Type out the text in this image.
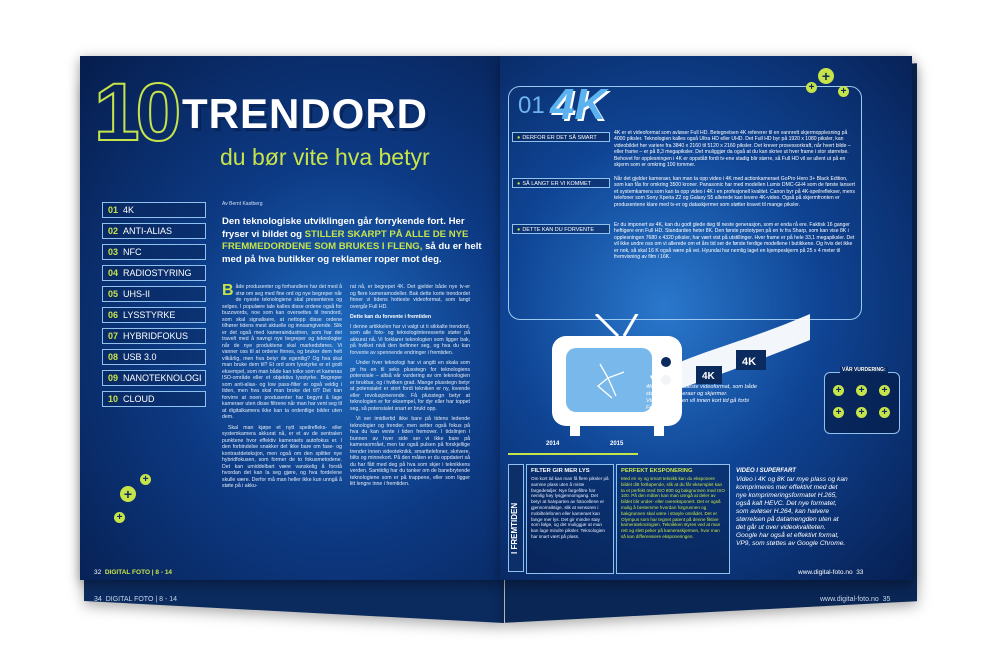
34 DIGITAL FOTO | 8 - 14	www.digital-foto.no 35
10 TRENDORD
du bør vite hva betyr
Av Bernt Kastberg
01 4K
02 ANTI-ALIAS
03 NFC
04 RADIOSTYRING
05 UHS-II
06 LYSSTYRKE
07 HYBRIDFOKUS
08 USB 3.0
09 NANOTEKNOLOGI
10 CLOUD
Den teknologiske utviklingen går forrykende fort. Her fryser vi bildet og STILLER SKARPT PÅ ALLE DE NYE FREMMEDORDENE SOM BRUKES I FLENG, så du er helt med på hva butikker og reklamer roper mot deg.
Både produsenter og forhandlere har det med å strø om seg med fine ord og nye begreper når de nyeste teknologiene skal presenteres og selges. I populære tale kalles disse ordene også for buzzwords, noe som kan oversettes til trendord, som skal signalisere, at nettopp disse ordene tilhører tidens mest aktuelle og innsamgivende. Slik er det også med kameraindustrien, som har det travelt med å navngi nye begreper og teknologier når de nye produktene skal markedsføres. Vi vanner oss til at ordene finnes, og bruker dem helt vilkårlig, men hva betyr de egentlig? Og hva skal man bruke dem til? Et ord som lysstyrke er et godt eksempel, som man både kan tolke som et kameras ISO-område eller et objektivs lysstyrke. Begreper som anti-alias- og low pass-filter er også veldig i tiden, men hva skal man bruke det til? Det kan forvirre at noen produsenter har begynt å lage kameraer uten disse filtrene når man har vent seg til at digitalkamera ikke kan ta ordentlige bilder uten dem.
Skal man kjøpe et nytt speilrefleks- eller systemkamera akkurat nå, er et av de sentralen punktene hvor effektiv kameraets autofokus er. I den forbindelse snakker det ikke bare om fase- og kontrastdeteksjon, men også om den splitter nye hybridfokusen, som former de to fokusmetodene. Det kan umiddelbart være vanskelig å forstå hvordan det kan la seg gjøre, og hva fordelene skulle være. Derfor må man heller ikke kun unngå å støte på i akku-
rat nå, er begrepet 4K. Det gjelder både nye tv-er og flere kameramodeller. Bak dette korte trendordet finner vi tidens hotteste videoformat, som langt overgår Full HD.
Dette kan du forvente i fremtiden
I denne artikkelen har vi valgt ut ti sikkalte trendord, som alle foto- og teknologiinteresserte støter på akkurat nå. Vi forklarer teknologien som ligger bak, på hvilket nivå den befinner seg, og hva du kan forvente av spennende endringer i fremtiden.
Under hver teknologi har vi angitt en skala som gir fra en til seks plusstegn for teknologiens potensiale – altså vår vurdering av om teknologien er brukbar, og i hvilken grad. Mange plusstegn betyr at potensialet er stort fordi tekniken er ny, lovende eller revolusjonerende. Få plusstegn betyr at teknologien er for eksempel, for dyr eller har toppet seg, så potensialet snart er brukt opp.
Vi ser imidlertid ikke bare på tidens ledende teknologier og trender, men setter også fokus på hva du kan vente i tiden fremover. I tidslinjen i bunnen av hver side ser vi ikke bare på kameraområet, men tar også pulsen på forskjellige trender innen videoteknikk, smarttelefoner, skrivere, blits og minnekort. På den måten er du oppdatert så du har fått med deg på hva som skjer i teknikkens verden. Samtidig har du tanker om de banebrytende teknologiene som er på trappene, eller som ligger litt lengre inne i fremtiden.
+
+
+
32 DIGITAL FOTO | 8 - 14
01 4K
+
+	+
● DERFOR ER DET SÅ SMART
● SÅ LANGT ER VI KOMMET
● DETTE KAN DU FORVENTE
4K er et videoformat som avløser Full HD. Betegnelsen 4K refererer til en vannrett skjermopplesning på 4000 piksler. Teknologien kalles også Ultra HD eller UHD. Det Full HD byr på 1920 x 1080 piksler, kan videobildet her variere fra 3840 x 2160 til 5120 x 2160 piksler. Det krever prosessorkraft, når hvert bilde – eller frame – er på 8,3 megapiksler. Det muliggjør da også at du kan skrive ut hver frame i stor størrelse. Behovet for opplesningen i 4K er oppstått fordi tv-ene stadig blir større, så Full HD vil se ullent ut på en skjerm som er omkring 100 tommer.
Når det gjelder kameraer, kan man ta opp video i 4K med actionkameraet GoPro Hero 3+ Black Edition, som kan fås for omkring 3500 kroner. Panasonic har med modellen Lumix DMC-GH4 som de første lansert et systemkamera som kan ta opp video i 4K i en profesjonell kvalitet. Canon byr på 4K-speilreflekser, mens telefoner som Sony Xperia Z2 og Galaxy S5 allerede kan levere 4K-video. Også på skjermfronten er produsentene klare med tv-er og dataskjermer som støtter kravet til mange piksler.
Er du imponert av 4K, kan du godt glede deg til neste generasjon, som er enda rå ere. Faktisk 16 ganger heftigere enn Full HD. Standarden heter 8K. Den første prototypen på en tv fra Sharp, som kan vise 8K i opplesningen 7680 x 4320 piksler, har vært vist på utstillinger. Hver frame er på hele 33,1 megapiksler. Det vil ikke undre oss om vi allerede om et års tid ser de første ferdige modellene i butikkene. Og hvis det ikke er nok, så skal 16 K også være på vei. Hyundai har nemlig laget en kjempeskjerm på 25 x 4 meter til fremvisning av film i 16K.
4K
4K
4K er nåtidens ideste videoformat, som både støttes av kameraer og skjermer. Videostandarden vil innen kort tid gå forbi Full HD.
+ + +
+ + +
VÅR VURDERING:
2014	2015
I FREMTIDEN
FILTER GIR MER LYS
Om kort tid kan man få flere piksler på samme plass uten å miste fargedetaljer. Nye fargefiltre har nemlig høy lysgjennomgang. Det betyr at halvparten av fotocellene er gjennomsiktige, slik at sensoren i mobiltelefonen eller kameraet kan fange mer lys. Det gir mindre støy som følge, og det muliggjør at man kan lage mindre piksler. Teknologien har snart vært på plass.
PERFEKT EKSPONERING
Med en ny og smart teknikk kan du eksponere bildet ditt fortløpende, slik at du får eksemplet kan ta et perfekt med ISO 800 og bakgrunnen med ISO 100. På den måten kan man unngå at deler av bildet blir under- eller overeksponert. Det er også mulig å bestemme hvordan forgrunnen og bakgrunnen skal være i strøyle området. Det er Olympus som har tegnet patent på denne fiktive kamerateknologien. Teknikken styres ved at man rett og slett peker på kameraskjermen, hvor man så kan differensiere eksponeringen.
VIDEO I SUPERFART
Video i 4K og 8K tar mye plass og kan komprimeres mer effektivt med det nye komprimeringsformatet H.265, også kalt HEVC. Det nye formatet, som avløser H.264, kan halvere størrelsen på datamengden uten at det går ut over videokvaliteten. Google har også et effektivt format, VP9, som støttes av Google Chrome.
www.digital-foto.no 33
